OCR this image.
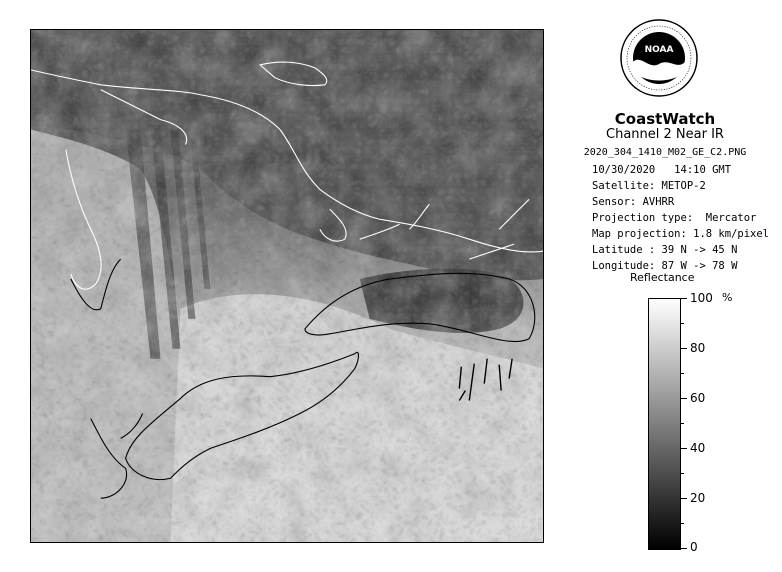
NOAA
CoastWatch
Channel 2 Near IR
2020_304_1410_M02_GE_C2.PNG
10/30/2020   14:10 GMT
Satellite: METOP-2
Sensor: AVHRR
Projection type:  Mercator
Map projection: 1.8 km/pixel
Latitude : 39 N -> 45 N
Longitude: 87 W -> 78 W
Reflectance
%
100
80
60
40
20
0
